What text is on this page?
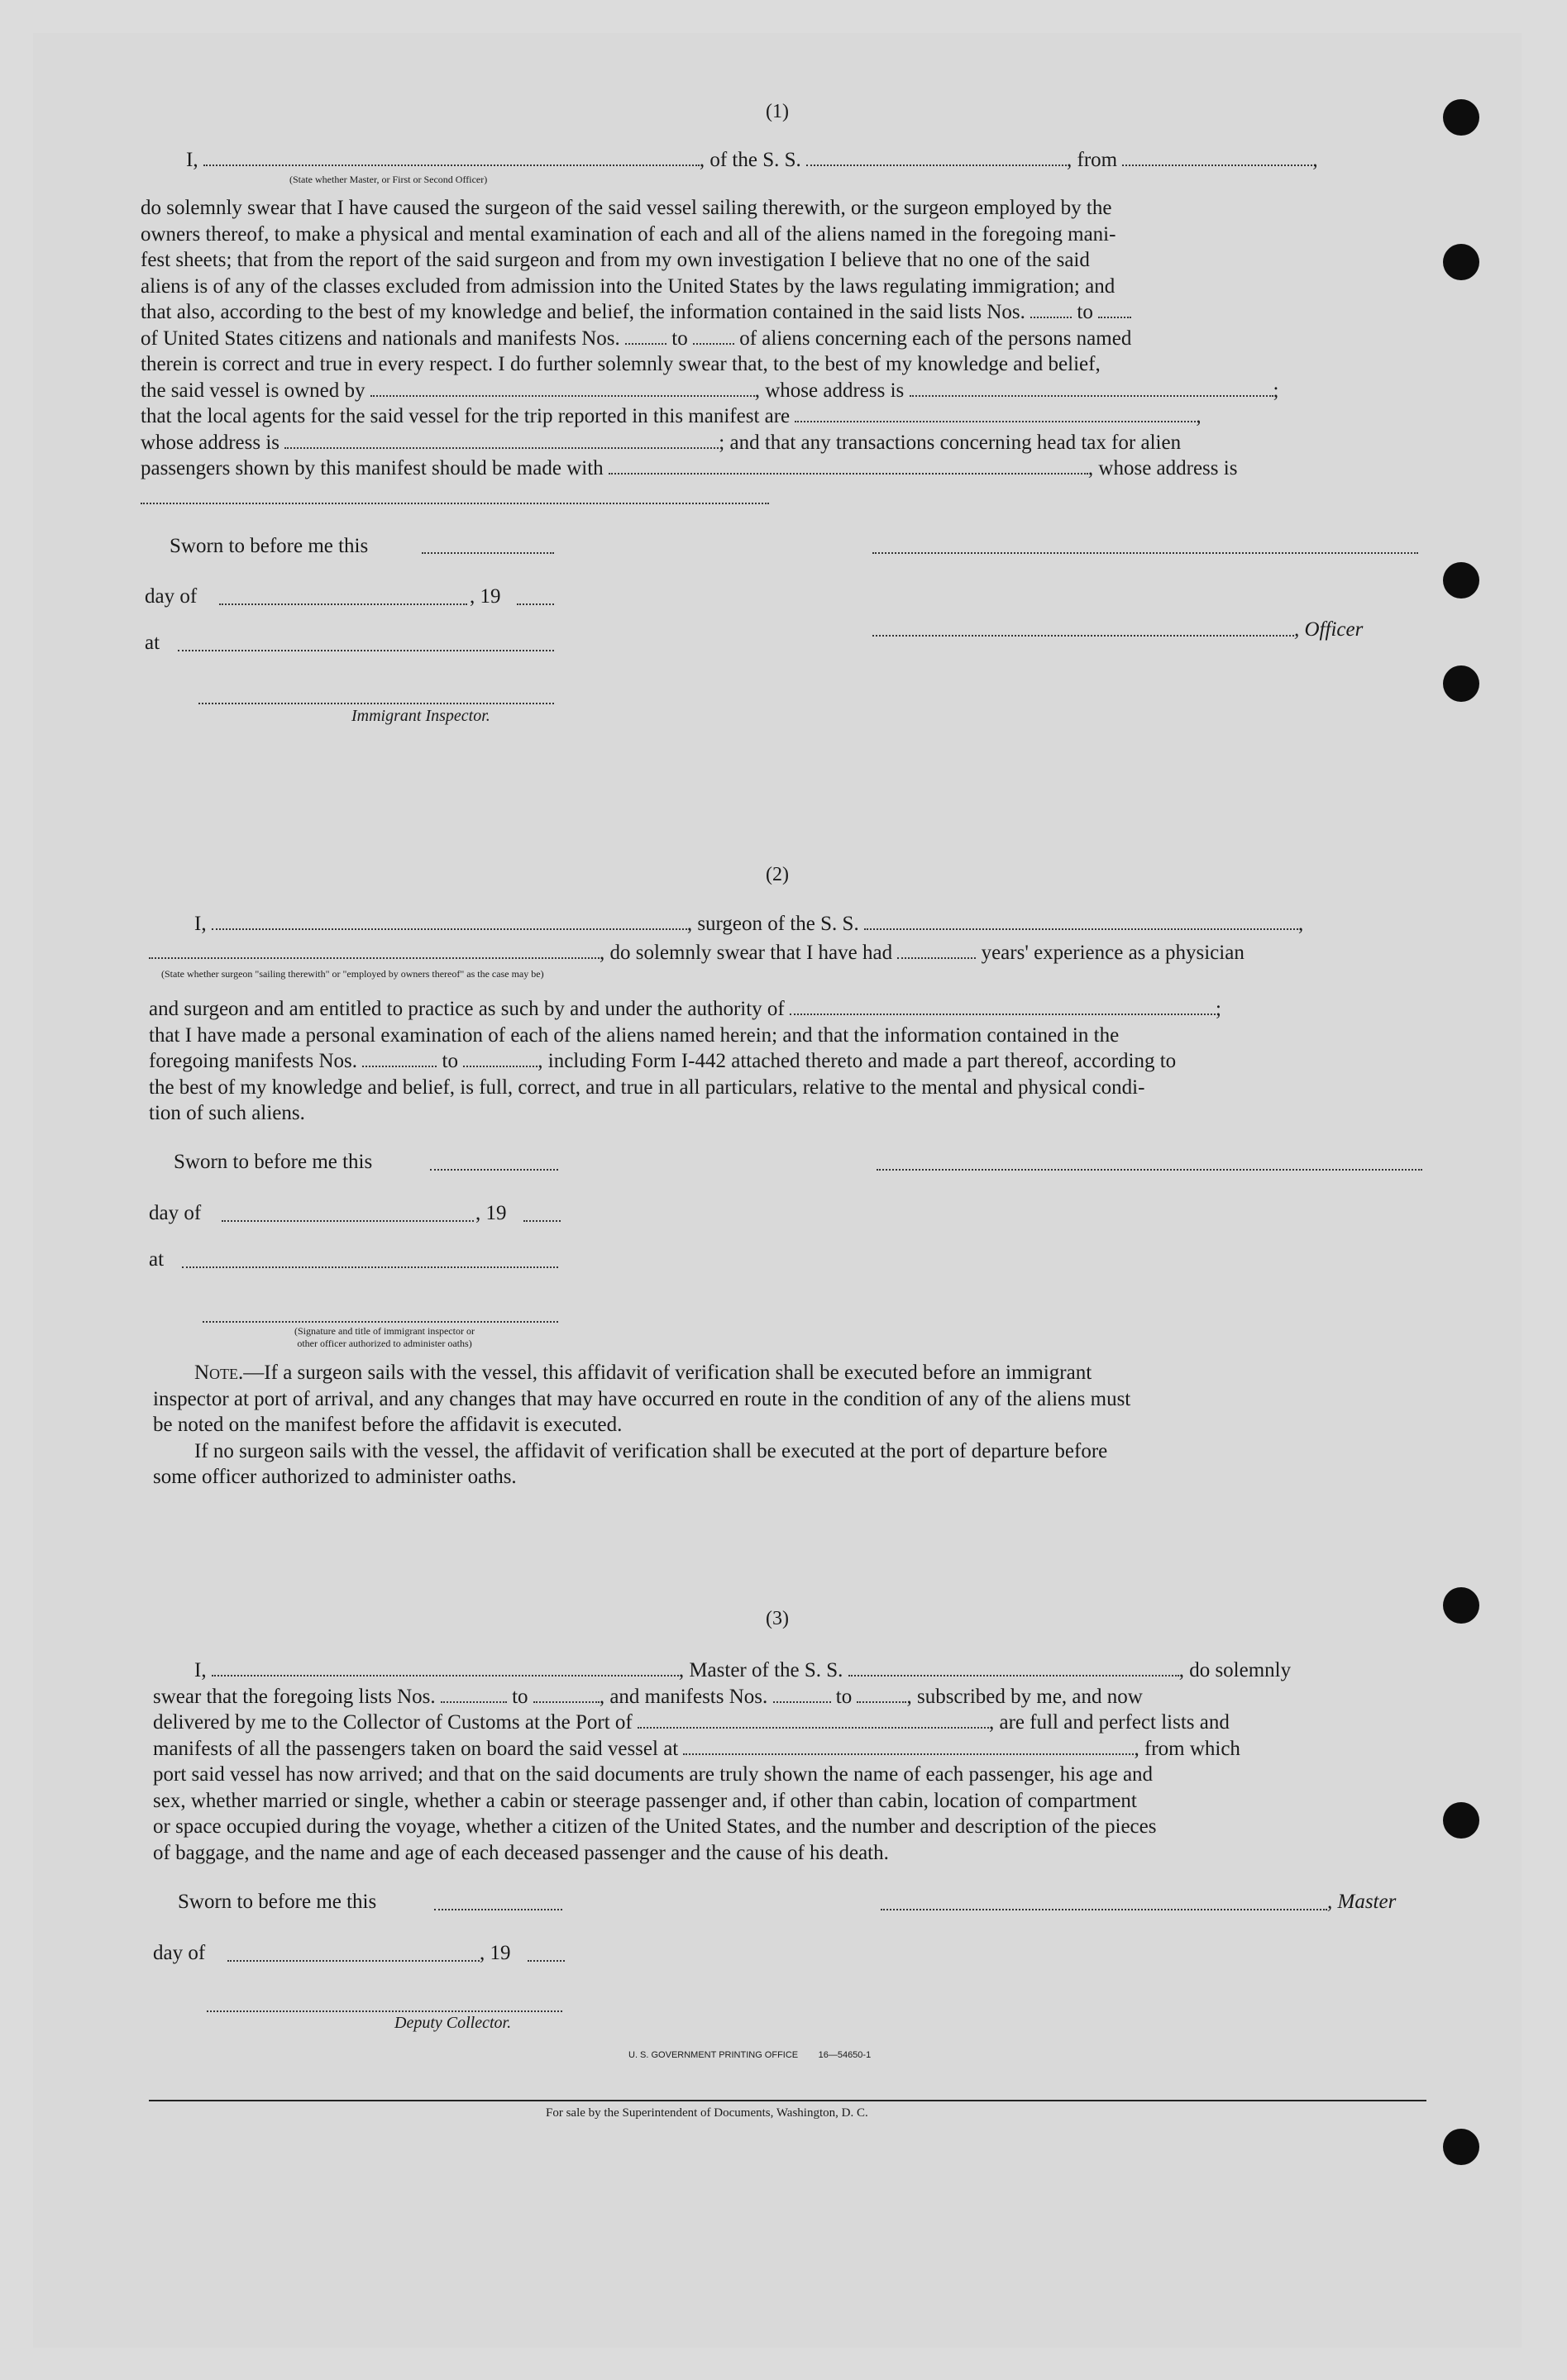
(1)
I,	, of the S. S.	, from	,
(State whether Master, or First or Second Officer)
do solemnly swear that I have caused the surgeon of the said vessel sailing therewith, or the surgeon employed by the
owners thereof, to make a physical and mental examination of each and all of the aliens named in the foregoing mani-
fest sheets; that from the report of the said surgeon and from my own investigation I believe that no one of the said
aliens is of any of the classes excluded from admission into the United States by the laws regulating immigration; and
that also, according to the best of my knowledge and belief, the information contained in the said lists Nos.	to
of United States citizens and nationals and manifests Nos.	to	of aliens concerning each of the persons named
therein is correct and true in every respect. I do further solemnly swear that, to the best of my knowledge and belief,
the said vessel is owned by	, whose address is	;
that the local agents for the said vessel for the trip reported in this manifest are	,
whose address is	; and that any transactions concerning head tax for alien
passengers shown by this manifest should be made with	, whose address is
Sworn to before me this
day of	, 19
, Officer
at
Immigrant Inspector.
(2)
I,	, surgeon of the S. S.	,
, do solemnly swear that I have had	years' experience as a physician
(State whether surgeon "sailing therewith" or "employed by owners thereof" as the case may be)
and surgeon and am entitled to practice as such by and under the authority of	;
that I have made a personal examination of each of the aliens named herein; and that the information contained in the
foregoing manifests Nos.	to	, including Form I-442 attached thereto and made a part thereof, according to
the best of my knowledge and belief, is full, correct, and true in all particulars, relative to the mental and physical condi-
tion of such aliens.
Sworn to before me this
day of	, 19
at
(Signature and title of immigrant inspector or
other officer authorized to administer oaths)
Note.—If a surgeon sails with the vessel, this affidavit of verification shall be executed before an immigrant
inspector at port of arrival, and any changes that may have occurred en route in the condition of any of the aliens must
be noted on the manifest before the affidavit is executed.
If no surgeon sails with the vessel, the affidavit of verification shall be executed at the port of departure before
some officer authorized to administer oaths.
(3)
I,	, Master of the S. S.	, do solemnly
swear that the foregoing lists Nos.	to	, and manifests Nos.	to	, subscribed by me, and now
delivered by me to the Collector of Customs at the Port of	, are full and perfect lists and
manifests of all the passengers taken on board the said vessel at	, from which
port said vessel has now arrived; and that on the said documents are truly shown the name of each passenger, his age and
sex, whether married or single, whether a cabin or steerage passenger and, if other than cabin, location of compartment
or space occupied during the voyage, whether a citizen of the United States, and the number and description of the pieces
of baggage, and the name and age of each deceased passenger and the cause of his death.
Sworn to before me this	, Master
day of	, 19
Deputy Collector.
U. S. GOVERNMENT PRINTING OFFICE        16—54650-1
For sale by the Superintendent of Documents, Washington, D. C.
